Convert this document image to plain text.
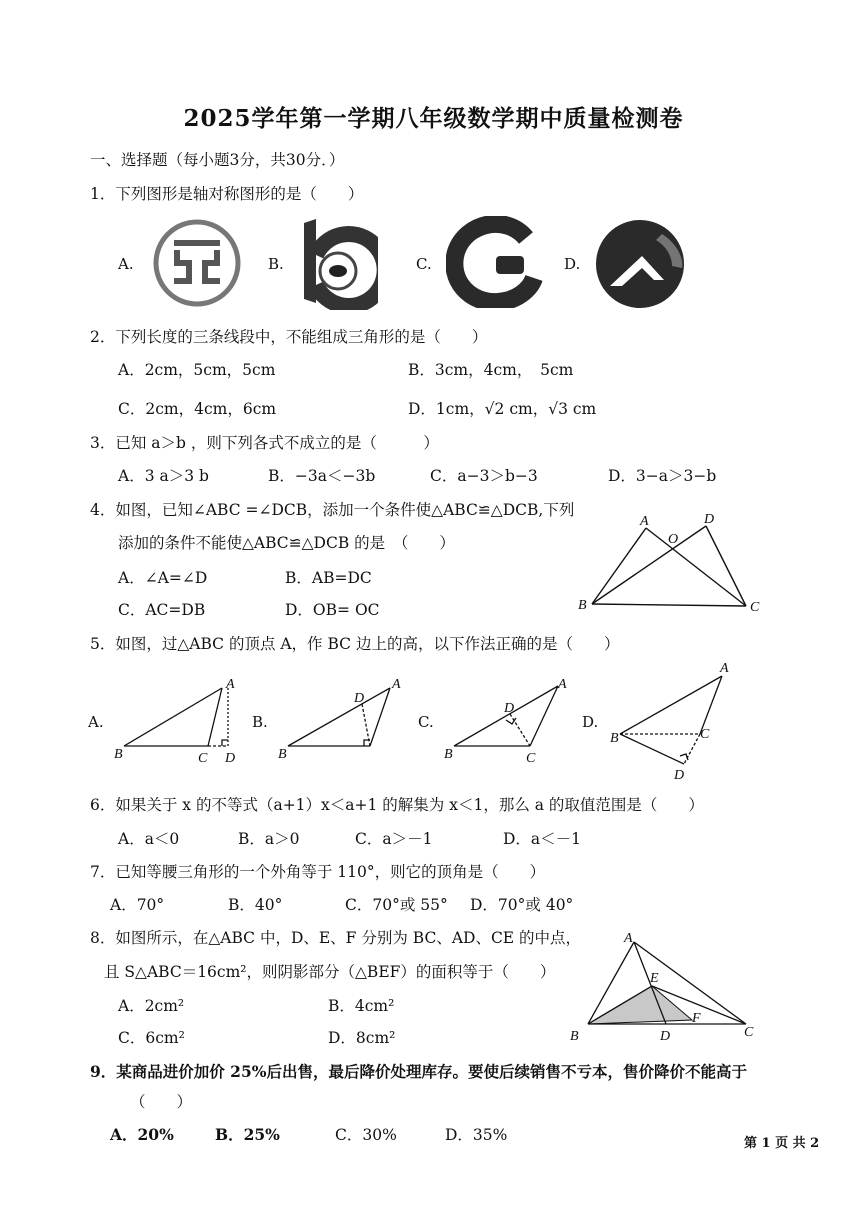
2025学年第一学期八年级数学期中质量检测卷
一、选择题（每小题3分，共30分．）
1．下列图形是轴对称图形的是（　　）
A.	B.	C.	D.
2．下列长度的三条线段中，不能组成三角形的是（　　）
A．2cm，5cm，5cm	B．3cm，4cm，　5cm
C．2cm，4cm，6cm	D．1cm，√2 cm，√3 cm
3．已知 a＞b ，则下列各式不成立的是（　　　）
A．3 a＞3 b	B．−3a＜−3b	C．a−3＞b−3	D．3−a＞3−b
4．如图，已知∠ABC =∠DCB，添加一个条件使△ABC≌△DCB,下列
添加的条件不能使△ABC≌△DCB 的是　（　　）
A．∠A=∠D	B．AB=DC
C．AC=DB	D．OB= OC
A	D
O
B	C
5．如图，过△ABC 的顶点 A，作 BC 边上的高，以下作法正确的是（　　）
A.
A
B	C D
B.
A
D
B
C.
A
D
B	C
D.
A
B	C
D
6．如果关于 x 的不等式（a+1）x＜a+1 的解集为 x＜1，那么 a 的取值范围是（　　）
A．a＜0	B．a＞0	C．a＞－1	D．a＜－1
7．已知等腰三角形的一个外角等于 110°，则它的顶角是（　　）
A．70°	B．40°	C．70°或 55° D．70°或 40°
8．如图所示，在△ABC 中，D、E、F 分别为 BC、AD、CE 的中点，
且 S△ABC＝16cm²，则阴影部分（△BEF）的面积等于（　　）
A．2cm²	B．4cm²
C．6cm²	D．8cm²
A
E
F
B	D	C
9．某商品进价加价 25%后出售，最后降价处理库存。要使后续销售不亏本，售价降价不能高于
（　　）
A．20%	B．25%	C．30%	D．35%	第 1 页 共 2
